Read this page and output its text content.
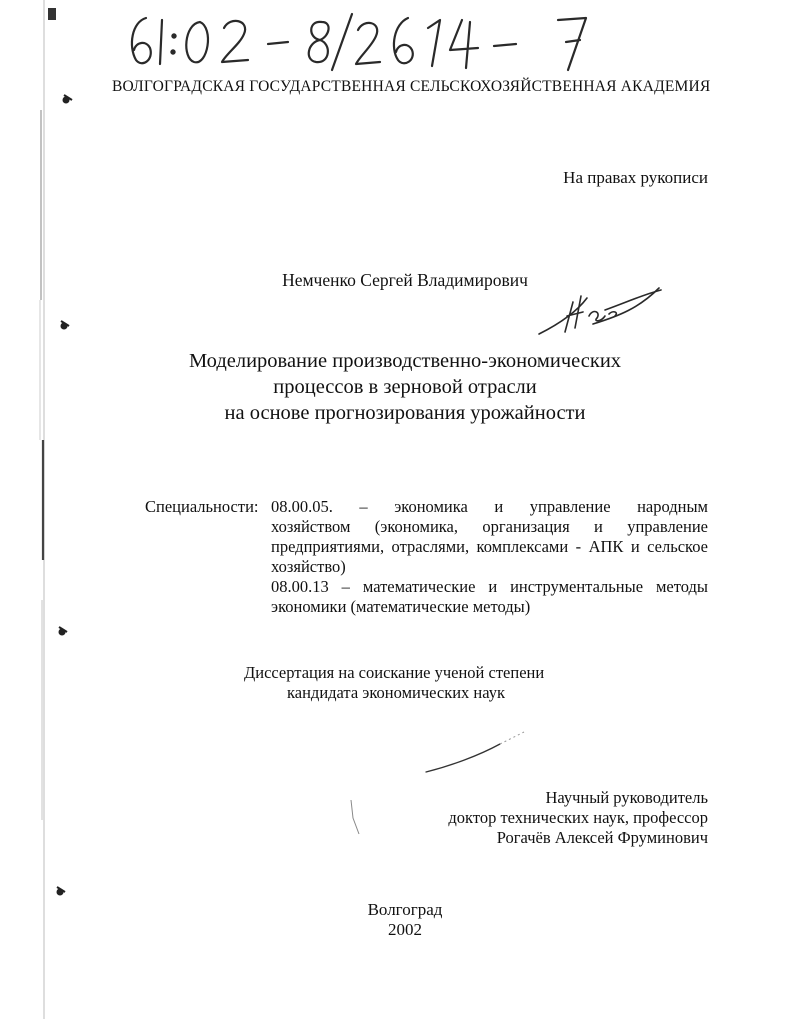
ВОЛГОГРАДСКАЯ ГОСУДАРСТВЕННАЯ СЕЛЬСКОХОЗЯЙСТВЕННАЯ АКАДЕМИЯ
На правах рукописи
Немченко Сергей Владимирович
Моделирование производственно-экономических
процессов в зерновой отрасли
на основе прогнозирования урожайности
Специальности: 08.00.05. – экономика и управление народным
хозяйством (экономика, организация и управление
предприятиями, отраслями, комплексами - АПК и сельское
хозяйство)
08.00.13 – математические и инструментальные методы
экономики (математические методы)
Диссертация на соискание ученой степени
кандидата экономических наук
Научный руководитель
доктор технических наук, профессор
Рогачёв Алексей Фруминович
Волгоград
2002
